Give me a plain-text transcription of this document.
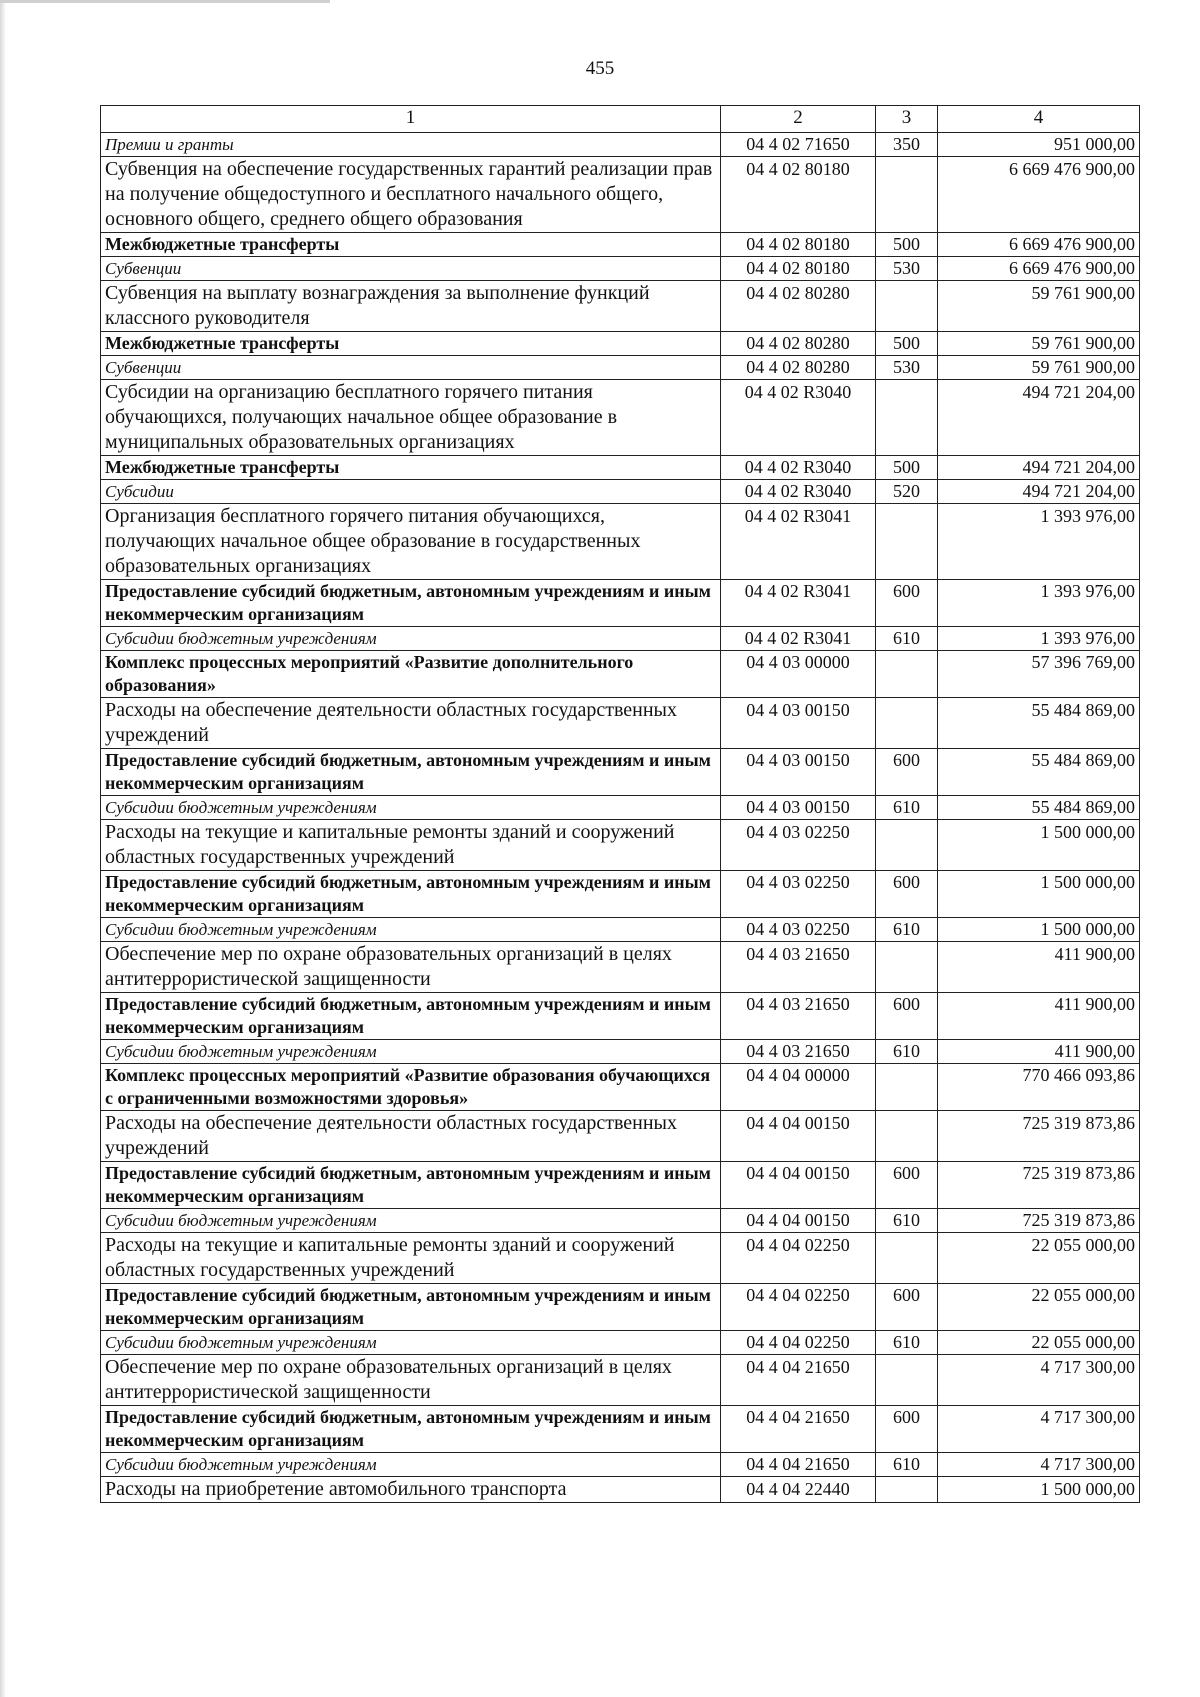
455
1	2	3	4
Премии и гранты	04 4 02 71650	350	951 000,00
Субвенция на обеспечение государственных гарантий реализации прав на получение общедоступного и бесплатного начального общего, основного общего, среднего общего образования	04 4 02 80180		6 669 476 900,00
Межбюджетные трансферты	04 4 02 80180	500	6 669 476 900,00
Субвенции	04 4 02 80180	530	6 669 476 900,00
Субвенция на выплату вознаграждения за выполнение функций классного руководителя	04 4 02 80280		59 761 900,00
Межбюджетные трансферты	04 4 02 80280	500	59 761 900,00
Субвенции	04 4 02 80280	530	59 761 900,00
Субсидии на организацию бесплатного горячего питания обучающихся, получающих начальное общее образование в муниципальных образовательных организациях	04 4 02 R3040		494 721 204,00
Межбюджетные трансферты	04 4 02 R3040	500	494 721 204,00
Субсидии	04 4 02 R3040	520	494 721 204,00
Организация бесплатного горячего питания обучающихся, получающих начальное общее образование в государственных образовательных организациях	04 4 02 R3041		1 393 976,00
Предоставление субсидий бюджетным, автономным учреждениям и иным некоммерческим организациям	04 4 02 R3041	600	1 393 976,00
Субсидии бюджетным учреждениям	04 4 02 R3041	610	1 393 976,00
Комплекс процессных мероприятий «Развитие дополнительного образования»	04 4 03 00000		57 396 769,00
Расходы на обеспечение деятельности областных государственных учреждений	04 4 03 00150		55 484 869,00
Предоставление субсидий бюджетным, автономным учреждениям и иным некоммерческим организациям	04 4 03 00150	600	55 484 869,00
Субсидии бюджетным учреждениям	04 4 03 00150	610	55 484 869,00
Расходы на текущие и капитальные ремонты зданий и сооружений областных государственных учреждений	04 4 03 02250		1 500 000,00
Предоставление субсидий бюджетным, автономным учреждениям и иным некоммерческим организациям	04 4 03 02250	600	1 500 000,00
Субсидии бюджетным учреждениям	04 4 03 02250	610	1 500 000,00
Обеспечение мер по охране образовательных организаций в целях антитеррористической защищенности	04 4 03 21650		411 900,00
Предоставление субсидий бюджетным, автономным учреждениям и иным некоммерческим организациям	04 4 03 21650	600	411 900,00
Субсидии бюджетным учреждениям	04 4 03 21650	610	411 900,00
Комплекс процессных мероприятий «Развитие образования обучающихся с ограниченными возможностями здоровья»	04 4 04 00000		770 466 093,86
Расходы на обеспечение деятельности областных государственных учреждений	04 4 04 00150		725 319 873,86
Предоставление субсидий бюджетным, автономным учреждениям и иным некоммерческим организациям	04 4 04 00150	600	725 319 873,86
Субсидии бюджетным учреждениям	04 4 04 00150	610	725 319 873,86
Расходы на текущие и капитальные ремонты зданий и сооружений областных государственных учреждений	04 4 04 02250		22 055 000,00
Предоставление субсидий бюджетным, автономным учреждениям и иным некоммерческим организациям	04 4 04 02250	600	22 055 000,00
Субсидии бюджетным учреждениям	04 4 04 02250	610	22 055 000,00
Обеспечение мер по охране образовательных организаций в целях антитеррористической защищенности	04 4 04 21650		4 717 300,00
Предоставление субсидий бюджетным, автономным учреждениям и иным некоммерческим организациям	04 4 04 21650	600	4 717 300,00
Субсидии бюджетным учреждениям	04 4 04 21650	610	4 717 300,00
Расходы на приобретение автомобильного транспорта	04 4 04 22440		1 500 000,00
